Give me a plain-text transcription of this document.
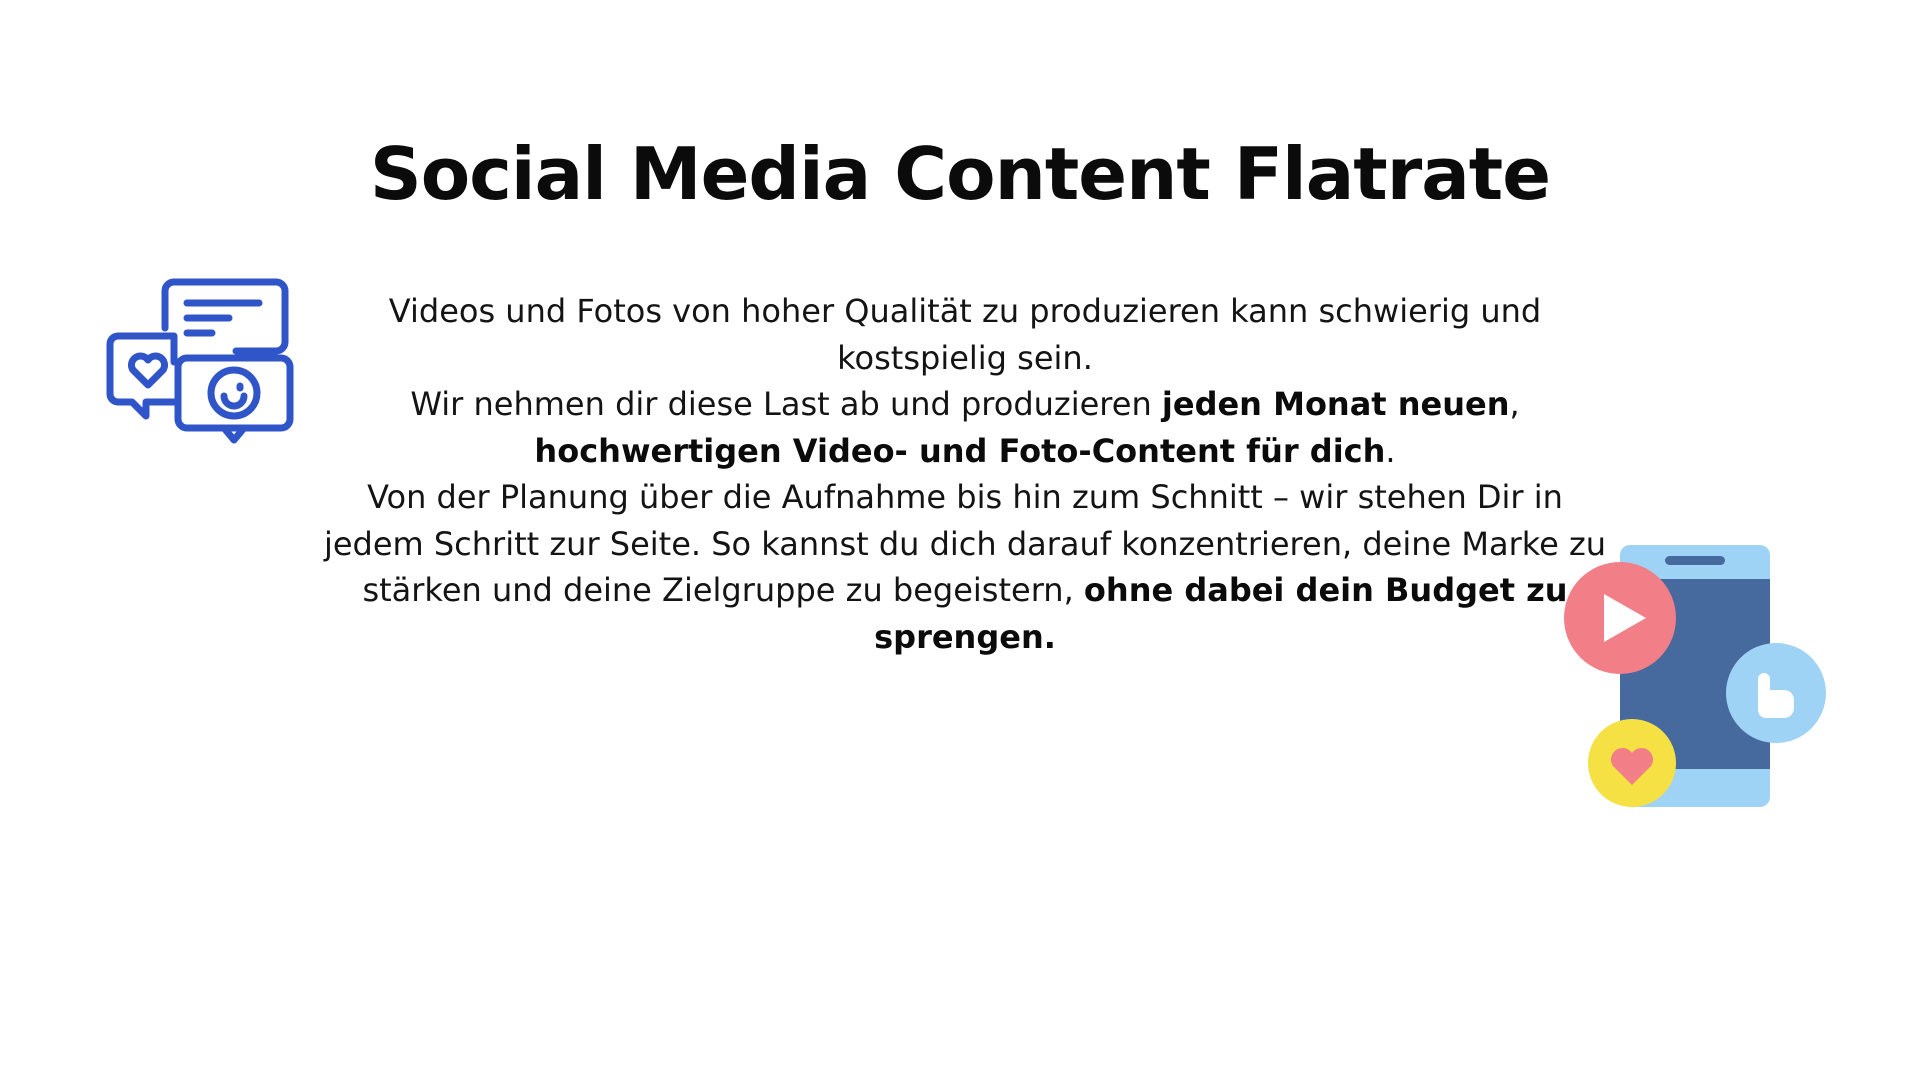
Social Media Content Flatrate

Videos und Fotos von hoher Qualität zu produzieren kann schwierig und kostspielig sein.
Wir nehmen dir diese Last ab und produzieren jeden Monat neuen, hochwertigen Video- und Foto-Content für dich.
Von der Planung über die Aufnahme bis hin zum Schnitt – wir stehen Dir in jedem Schritt zur Seite. So kannst du dich darauf konzentrieren, deine Marke zu stärken und deine Zielgruppe zu begeistern, ohne dabei dein Budget zu sprengen.
